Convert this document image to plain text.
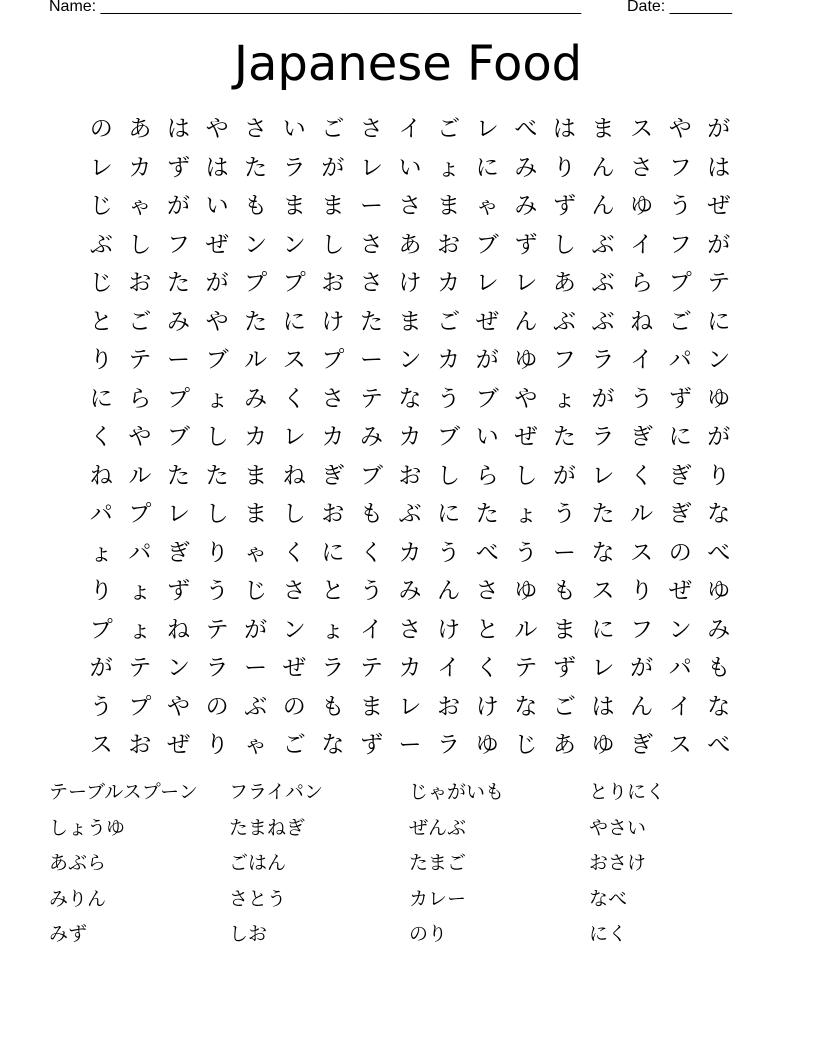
Name: ______________________________________________________	Date: _______
Japanese Food
の あ は や さ い ご さ イ ご レ べ は ま ス や が
レ カ ず は た ラ が レ い ょ に み り ん さ フ は
じ ゃ が い も ま ま ー さ ま ゃ み ず ん ゆ う ぜ
ぶ し フ ぜ ン ン し さ あ お ブ ず し ぶ イ フ が
じ お た が プ プ お さ け カ レ レ あ ぶ ら プ テ
と ご み や た に け た ま ご ぜ ん ぶ ぶ ね ご に
り テ ー ブ ル ス プ ー ン カ が ゆ フ ラ イ パ ン
に ら プ ょ み く さ テ な う ブ や ょ が う ず ゆ
く や ブ し カ レ カ み カ ブ い ぜ た ラ ぎ に が
ね ル た た ま ね ぎ ブ お し ら し が レ く ぎ り
パ プ レ し ま し お も ぶ に た ょ う た ル ぎ な
ょ パ ぎ り ゃ く に く カ う べ う ー な ス の べ
り ょ ず う じ さ と う み ん さ ゆ も ス り ぜ ゆ
プ ょ ね テ が ン ょ イ さ け と ル ま に フ ン み
が テ ン ラ ー ぜ ラ テ カ イ く テ ず レ が パ も
う プ や の ぶ の も ま レ お け な ご は ん イ な
ス お ぜ り ゃ ご な ず ー ラ ゆ じ あ ゆ ぎ ス べ
テーブルスプーン	フライパン	じゃがいも	とりにく
しょうゆ	たまねぎ	ぜんぶ	やさい
あぶら	ごはん	たまご	おさけ
みりん	さとう	カレー	なべ
みず	しお	のり	にく
